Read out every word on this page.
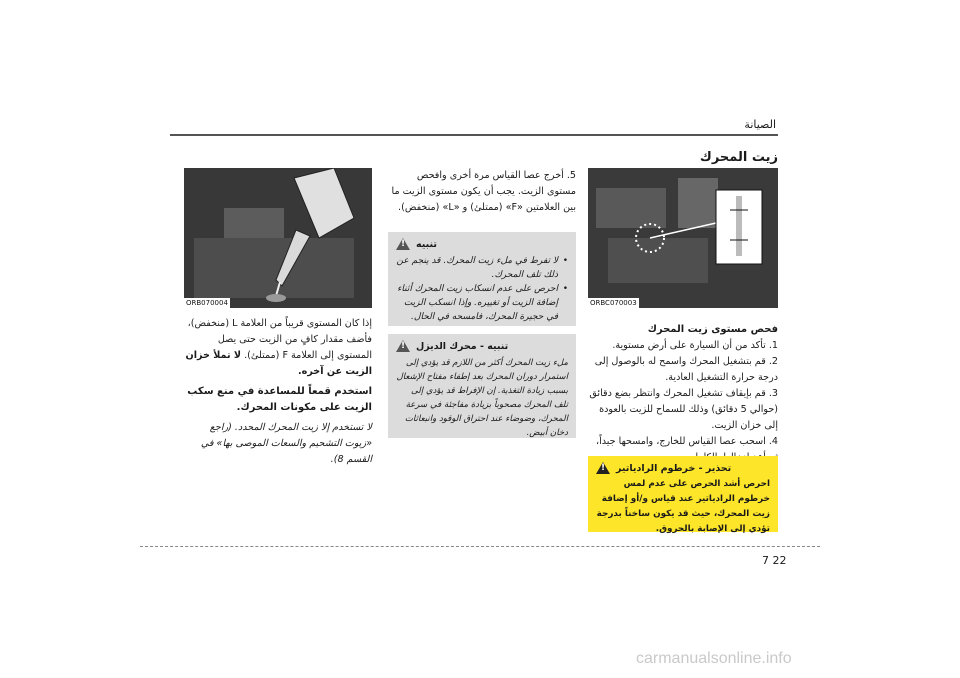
الصيانة
زيت المحرك
ORBC070003
فحص مستوى زيت المحرك

1. تأكد من أن السيارة على أرض مستوية.

2. قم بتشغيل المحرك واسمح له بالوصول إلى درجة حرارة التشغيل العادية.

3. قم بإيقاف تشغيل المحرك وانتظر بضع دقائق (حوالي 5 دقائق) وذلك للسماح للزيت بالعودة إلى خزان الزيت.

4. اسحب عصا القياس للخارج، وامسحها جيداً،

!
تحذير - خرطوم الرادياتير

احرص أشد الحرص على عدم لمس خرطوم الرادياتير عند قياس و/أو إضافة زيت المحرك، حيث قد يكون ساخناً بدرجة تؤدي إلى الإصابة بالحروق.

5. أخرج عصا القياس مرة أخرى وافحص مستوى الزيت. يجب أن يكون مستوى الزيت ما بين العلامتين «F» (ممتلئ) و «L» (منخفض).
!
تنبيه
• لا تفرط في ملء زيت المحرك. قد ينجم عن ذلك تلف المحرك.
• احرص على عدم انسكاب زيت المحرك أثناء إضافة الزيت أو تغييره. وإذا انسكب الزيت في حجيرة المحرك، فامسحه في الحال.
!
تنبيه - محرك الديزل

ملء زيت المحرك أكثر من اللازم قد يؤدي إلى استمرار دوران المحرك بعد إطفاء مفتاح الإشعال بسبب زيادة التغذية. إن الإفراط قد يؤدي إلى تلف المحرك مصحوباً بزيادة مفاجئة في سرعة المحرك، وضوضاء عند احتراق الوقود وانبعاثات دخان أبيض.

ORB070004

إذا كان المستوى قريباً من العلامة L (منخفض)، فأضف مقدار كافٍ من الزيت حتى يصل المستوى إلى العلامة F (ممتلئ). لا تملأ خزان الزيت عن آخره.

استخدم قمعاً للمساعدة في منع سكب الزيت على مكونات المحرك.

لا تستخدم إلا زيت المحرك المحدد. (راجع «زيوت التشحيم والسعات الموصى بها» في القسم 8).

7 22
carmanualsonline.info
